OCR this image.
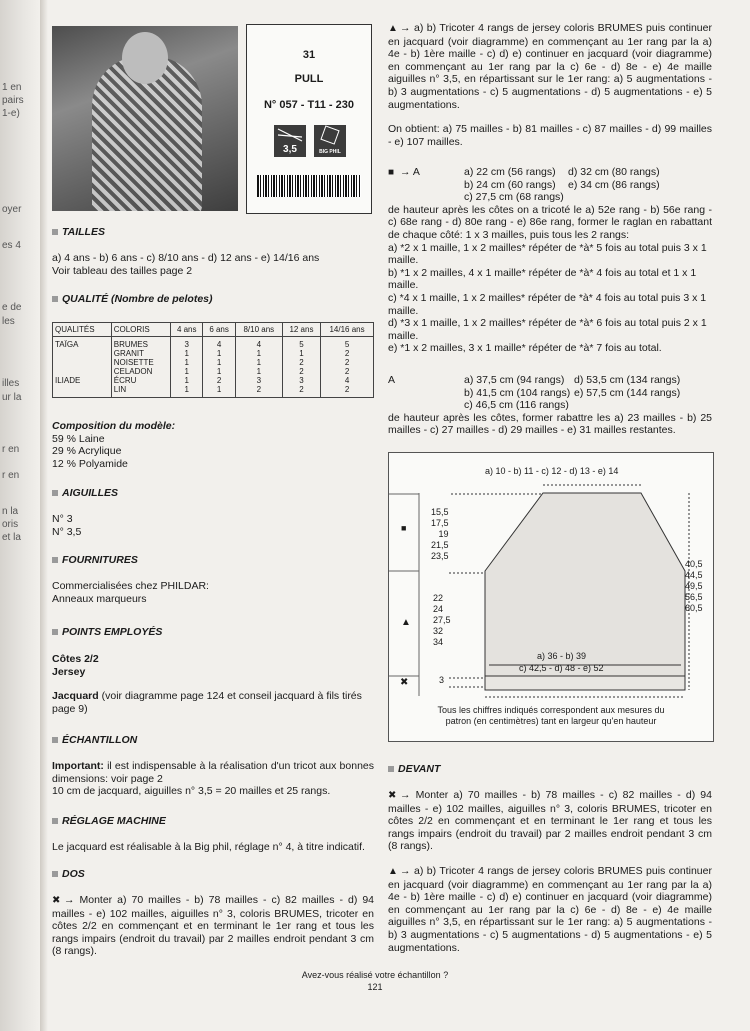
1 en
pairs
1-e)
oyer
es 4
e de
les
illes
ur la
r en
r en
n la
oris
et la
31
PULL
N° 057 - T11 - 230
3,5	BIG PHIL

TAILLES

a) 4 ans - b) 6 ans - c) 8/10 ans - d) 12 ans - e) 14/16 ans

Voir tableau des tailles page 2

QUALITÉ (Nombre de pelotes)

QUALITÉS	COLORIS	4 ans	6 ans	8/10 ans	12 ans	14/16 ans
TAÏGA	BRUMES	3	4	4	5	5
	GRANIT	1	1	1	1	2
	NOISETTE	1	1	1	2	2
	CELADON	1	1	1	2	2
ILIADE	ÉCRU	1	2	3	3	4
	LIN	1	1	2	2	2

Composition du modèle:

59 % Laine

29 % Acrylique

12 % Polyamide

AIGUILLES

N° 3

N° 3,5

FOURNITURES

Commercialisées chez PHILDAR:

Anneaux marqueurs

POINTS EMPLOYÉS

Côtes 2/2

Jersey

Jacquard (voir diagramme page 124 et conseil jacquard à fils tirés page 9)

ÉCHANTILLON

Important: il est indispensable à la réalisation d'un tricot aux bonnes dimensions: voir page 2

10 cm de jacquard, aiguilles n° 3,5 = 20 mailles et 25 rangs.

RÉGLAGE MACHINE

Le jacquard est réalisable à la Big phil, réglage n° 4, à titre indicatif.

DOS

✖ → Monter a) 70 mailles - b) 78 mailles - c) 82 mailles - d) 94 mailles - e) 102 mailles, aiguilles n° 3, coloris BRUMES, tricoter en côtes 2/2 en commençant et en terminant le 1er rang et tous les rangs impairs (endroit du travail) par 2 mailles endroit pendant 3 cm (8 rangs).

▲ → a) b) Tricoter 4 rangs de jersey coloris BRUMES puis continuer en jacquard (voir diagramme) en commençant au 1er rang par la a) 4e - b) 1ère maille - c) d) e) continuer en jacquard (voir diagramme) en commençant au 1er rang par la c) 6e - d) 8e - e) 4e maille aiguilles n° 3,5, en répartissant sur le 1er rang: a) 5 augmentations - b) 3 augmentations - c) 5 augmentations - d) 5 augmentations - e) 5 augmentations.

On obtient: a) 75 mailles - b) 81 mailles - c) 87 mailles - d) 99 mailles - e) 107 mailles.

■ → A	a) 22 cm (56 rangs)	d) 32 cm (80 rangs)
b) 24 cm (60 rangs)	e) 34 cm (86 rangs)
c) 27,5 cm (68 rangs)

de hauteur après les côtes on a tricoté le a) 52e rang - b) 56e rang - c) 68e rang - d) 80e rang - e) 86e rang, former le raglan en rabattant de chaque côté: 1 x 3 mailles, puis tous les 2 rangs:

a) *2 x 1 maille, 1 x 2 mailles* répéter de *à* 5 fois au total puis 3 x 1 maille.

b) *1 x 2 mailles, 4 x 1 maille* répéter de *à* 4 fois au total et 1 x 1 maille.

c) *4 x 1 maille, 1 x 2 mailles* répéter de *à* 4 fois au total puis 3 x 1 maille.

d) *3 x 1 maille, 1 x 2 mailles* répéter de *à* 6 fois au total puis 2 x 1 maille.

e) *1 x 2 mailles, 3 x 1 maille* répéter de *à* 7 fois au total.

A	a) 37,5 cm (94 rangs) d) 53,5 cm (134 rangs)
b) 41,5 cm (104 rangs) e) 57,5 cm (144 rangs)
c) 46,5 cm (116 rangs)

de hauteur après les côtes, former rabattre les a) 23 mailles - b) 25 mailles - c) 27 mailles - d) 29 mailles - e) 31 mailles restantes.

a) 10 - b) 11 - c) 12 - d) 13 - e) 14
15,5
17,5
19
21,5
23,5
22
24
27,5
32
34
3
40,5
44,5
49,5
56,5
60,5
a) 36 - b) 39
c) 42,5 - d) 48 - e) 52
■
▲
✖
Tous les chiffres indiqués correspondent aux mesures du
patron (en centimètres) tant en largeur qu'en hauteur

DEVANT

✖ → Monter a) 70 mailles - b) 78 mailles - c) 82 mailles - d) 94 mailles - e) 102 mailles, aiguilles n° 3, coloris BRUMES, tricoter en côtes 2/2 en commençant et en terminant le 1er rang et tous les rangs impairs (endroit du travail) par 2 mailles endroit pendant 3 cm (8 rangs).

▲ → a) b) Tricoter 4 rangs de jersey coloris BRUMES puis continuer en jacquard (voir diagramme) en commençant au 1er rang par la a) 4e - b) 1ère maille - c) d) e) continuer en jacquard (voir diagramme) en commençant au 1er rang par la c) 6e - d) 8e - e) 4e maille aiguilles n° 3,5, en répartissant sur le 1er rang: a) 5 augmentations - b) 3 augmentations - c) 5 augmentations - d) 5 augmentations - e) 5 augmentations.

Avez-vous réalisé votre échantillon ?
121
